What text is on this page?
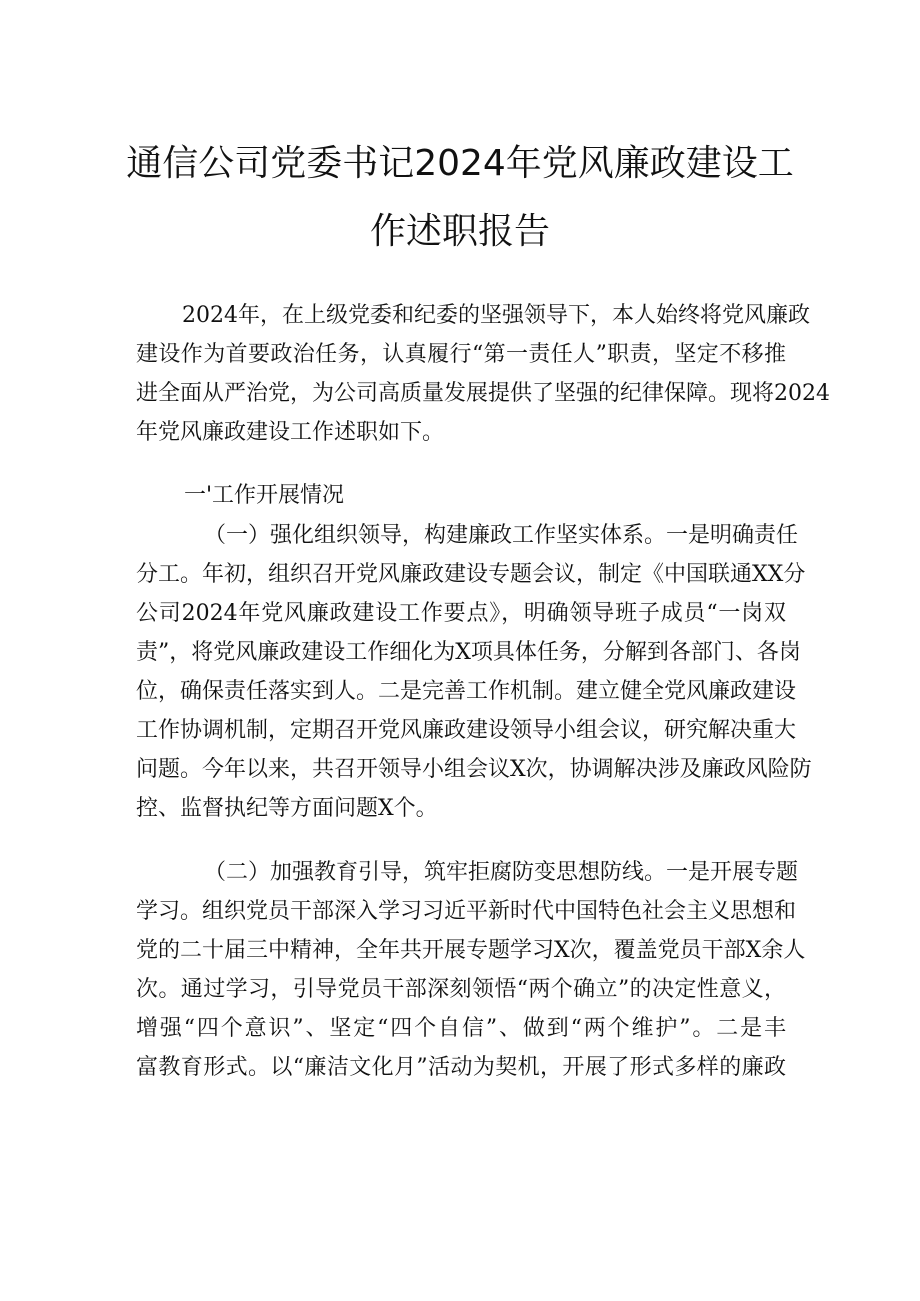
通信公司党委书记2024年党风廉政建设工
作述职报告
2024年，在上级党委和纪委的坚强领导下，本人始终将党风廉政
建设作为首要政治任务，认真履行“第一责任人”职责，坚定不移推
进全面从严治党，为公司高质量发展提供了坚强的纪律保障。现将2024
年党风廉政建设工作述职如下。
一'工作开展情况
（一）强化组织领导，构建廉政工作坚实体系。一是明确责任
分工。年初，组织召开党风廉政建设专题会议，制定《中国联通XX分
公司2024年党风廉政建设工作要点》，明确领导班子成员“一岗双
责”，将党风廉政建设工作细化为X项具体任务，分解到各部门、各岗
位，确保责任落实到人。二是完善工作机制。建立健全党风廉政建设
工作协调机制，定期召开党风廉政建设领导小组会议，研究解决重大
问题。今年以来，共召开领导小组会议X次，协调解决涉及廉政风险防
控、监督执纪等方面问题X个。
（二）加强教育引导，筑牢拒腐防变思想防线。一是开展专题
学习。组织党员干部深入学习习近平新时代中国特色社会主义思想和
党的二十届三中精神，全年共开展专题学习X次，覆盖党员干部X余人
次。通过学习，引导党员干部深刻领悟“两个确立”的决定性意义，
增强“四个意识”、坚定“四个自信”、做到“两个维护”。二是丰
富教育形式。以“廉洁文化月”活动为契机，开展了形式多样的廉政
